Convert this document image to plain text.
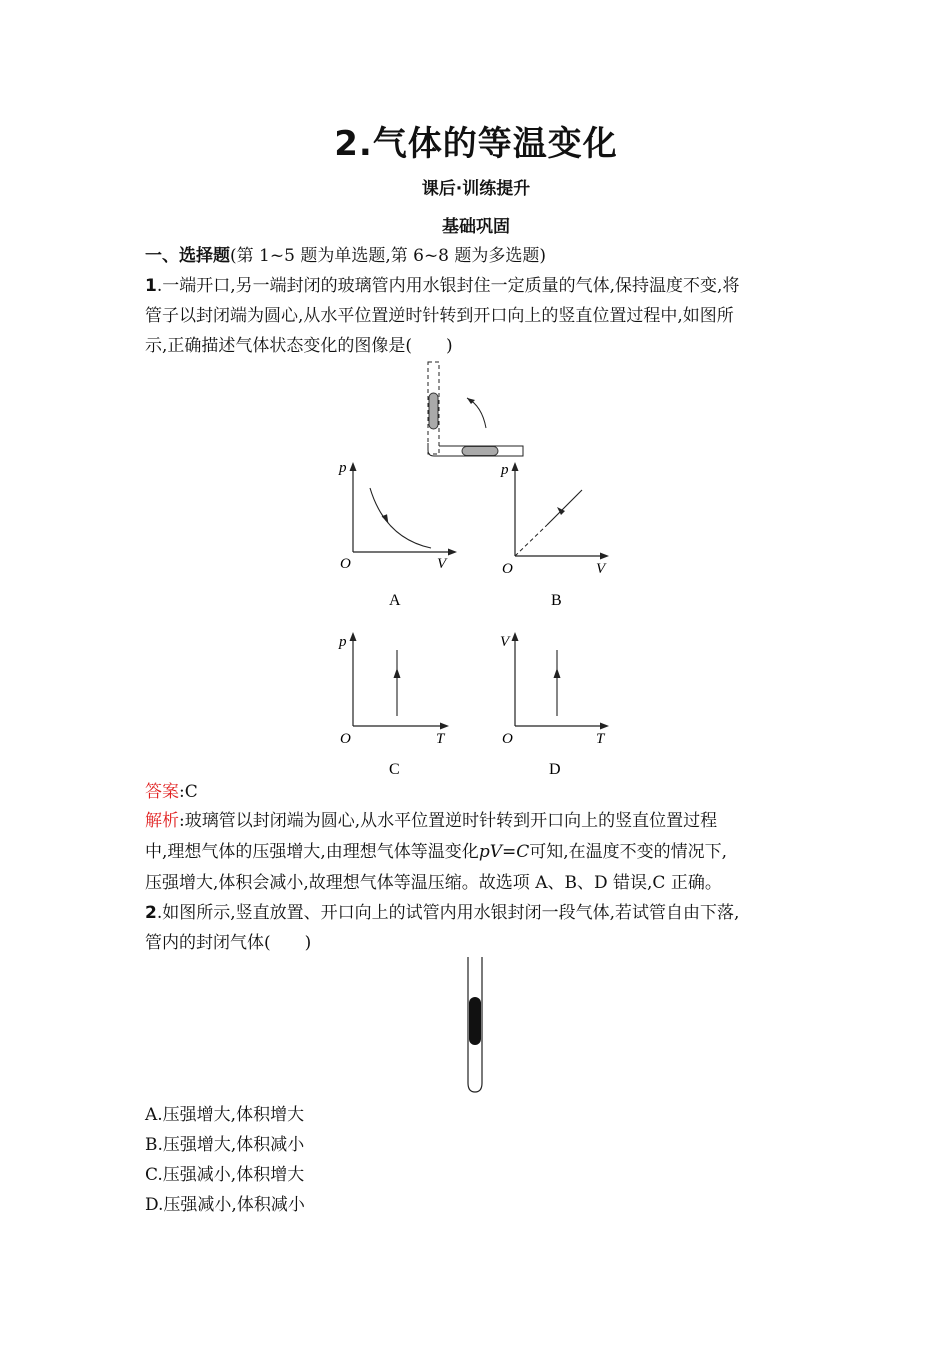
2.气体的等温变化
课后·训练提升
基础巩固
一、选择题(第 1~5 题为单选题,第 6~8 题为多选题)
1.一端开口,另一端封闭的玻璃管内用水银封住一定质量的气体,保持温度不变,将
管子以封闭端为圆心,从水平位置逆时针转到开口向上的竖直位置过程中,如图所
示,正确描述气体状态变化的图像是(　　)
p
V
O
A
p
V
O
B
p
T
O
C
V
T
O
D
答案:C
解析:玻璃管以封闭端为圆心,从水平位置逆时针转到开口向上的竖直位置过程
中,理想气体的压强增大,由理想气体等温变化pV=C可知,在温度不变的情况下,
压强增大,体积会减小,故理想气体等温压缩。故选项 A、B、D 错误,C 正确。
2.如图所示,竖直放置、开口向上的试管内用水银封闭一段气体,若试管自由下落,
管内的封闭气体(　　)
A.压强增大,体积增大
B.压强增大,体积减小
C.压强减小,体积增大
D.压强减小,体积减小
